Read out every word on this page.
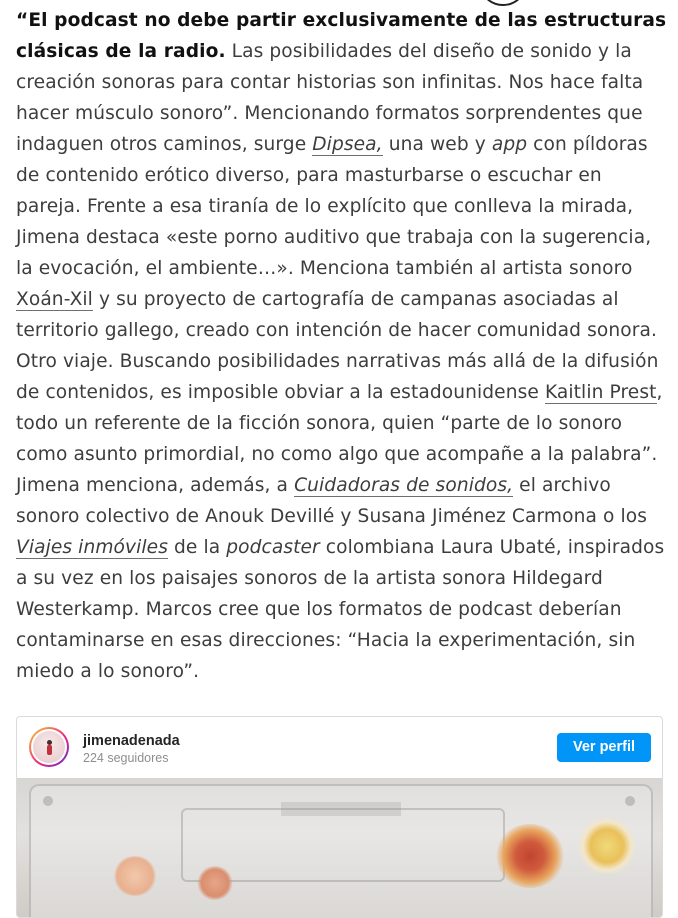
“El podcast no debe partir exclusivamente de las estructuras clásicas de la radio. Las posibilidades del diseño de sonido y la creación sonoras para contar historias son infinitas. Nos hace falta hacer músculo sonoro”. Mencionando formatos sorprendentes que indaguen otros caminos, surge Dipsea, una web y app con píldoras de contenido erótico diverso, para masturbarse o escuchar en pareja. Frente a esa tiranía de lo explícito que conlleva la mirada, Jimena destaca «este porno auditivo que trabaja con la sugerencia, la evocación, el ambiente…». Menciona también al artista sonoro Xoán-Xil y su proyecto de cartografía de campanas asociadas al territorio gallego, creado con intención de hacer comunidad sonora. Otro viaje. Buscando posibilidades narrativas más allá de la difusión de contenidos, es imposible obviar a la estadounidense Kaitlin Prest, todo un referente de la ficción sonora, quien “parte de lo sonoro como asunto primordial, no como algo que acompañe a la palabra”. Jimena menciona, además, a Cuidadoras de sonidos, el archivo sonoro colectivo de Anouk Devillé y Susana Jiménez Carmona o los Viajes inmóviles de la podcaster colombiana Laura Ubaté, inspirados a su vez en los paisajes sonoros de la artista sonora Hildegard Westerkamp. Marcos cree que los formatos de podcast deberían contaminarse en esas direcciones: “Hacia la experimentación, sin miedo a lo sonoro”.

jimenadenada
224 seguidores
Ver perfil
